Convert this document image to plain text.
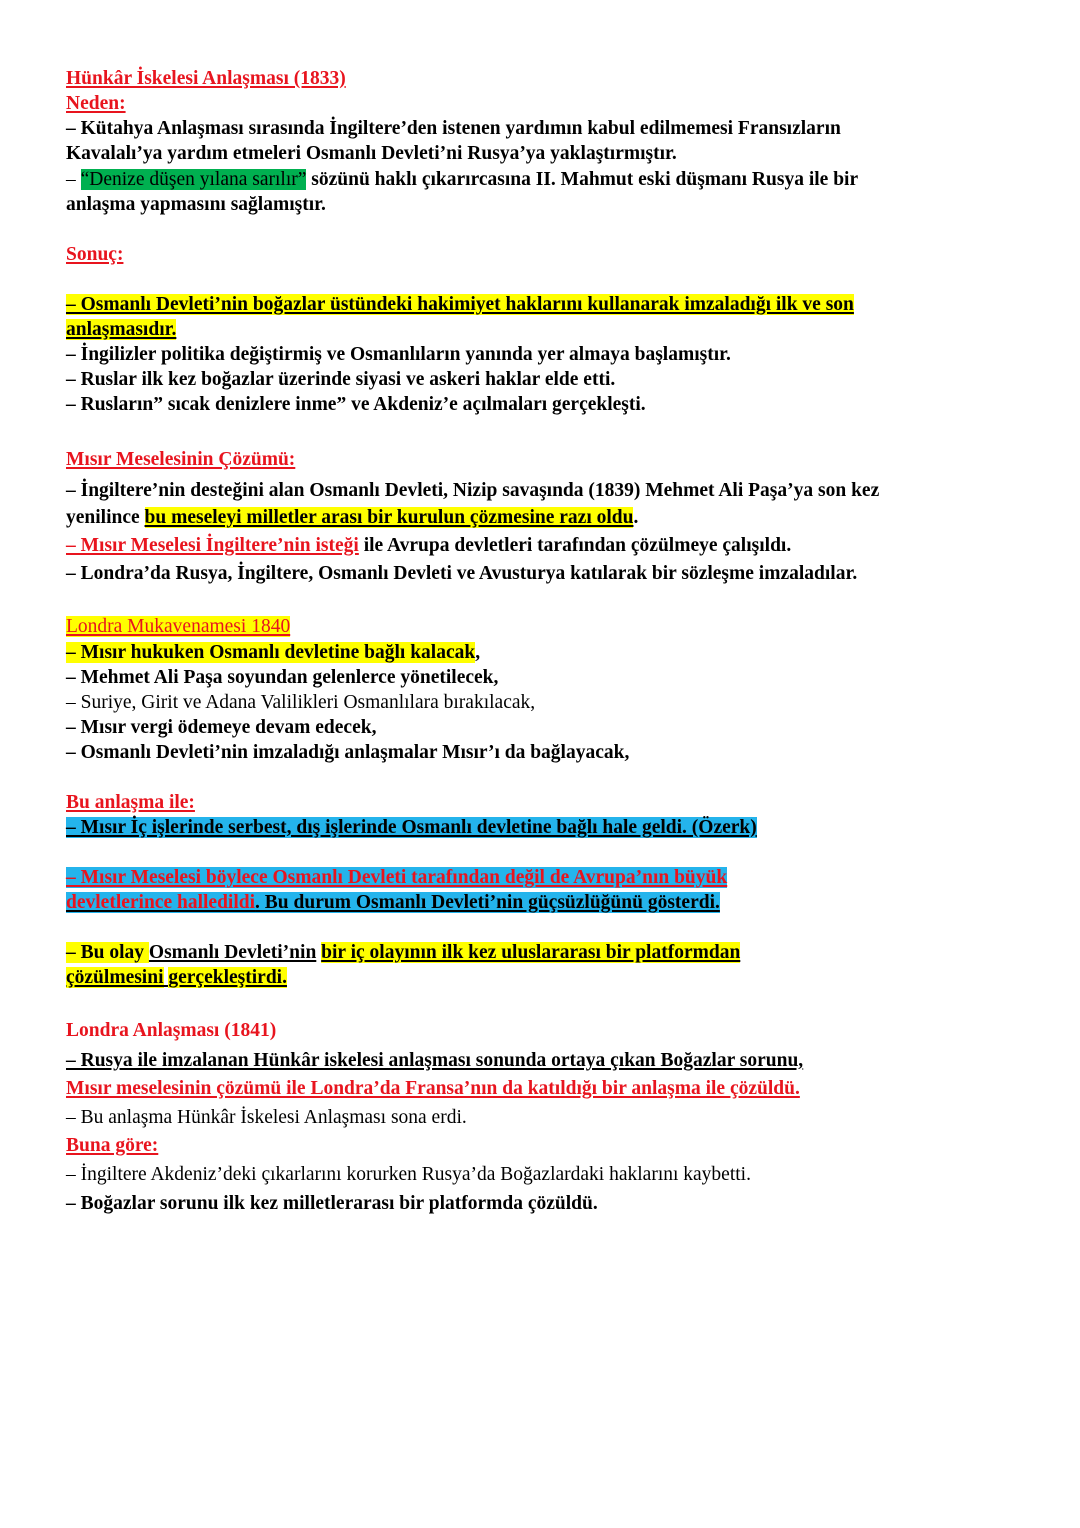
Hünkâr İskelesi Anlaşması (1833)
Neden:
– Kütahya Anlaşması sırasında İngiltere’den istenen yardımın kabul edilmemesi Fransızların
Kavalalı’ya yardım etmeleri Osmanlı Devleti’ni Rusya’ya yaklaştırmıştır.
– “Denize düşen yılana sarılır” sözünü haklı çıkarırcasına II. Mahmut eski düşmanı Rusya ile bir
anlaşma yapmasını sağlamıştır.
Sonuç:
– Osmanlı Devleti’nin boğazlar üstündeki hakimiyet haklarını kullanarak imzaladığı ilk ve son
anlaşmasıdır.
– İngilizler politika değiştirmiş ve Osmanlıların yanında yer almaya başlamıştır.
– Ruslar ilk kez boğazlar üzerinde siyasi ve askeri haklar elde etti.
– Rusların” sıcak denizlere inme” ve Akdeniz’e açılmaları gerçekleşti.
Mısır Meselesinin Çözümü:
– İngiltere’nin desteğini alan Osmanlı Devleti, Nizip savaşında (1839) Mehmet Ali Paşa’ya son kez
yenilince bu meseleyi milletler arası bir kurulun çözmesine razı oldu.
– Mısır Meselesi İngiltere’nin isteği ile Avrupa devletleri tarafından çözülmeye çalışıldı.
– Londra’da Rusya, İngiltere, Osmanlı Devleti ve Avusturya katılarak bir sözleşme imzaladılar.
Londra Mukavenamesi 1840
– Mısır hukuken Osmanlı devletine bağlı kalacak,
– Mehmet Ali Paşa soyundan gelenlerce yönetilecek,
– Suriye, Girit ve Adana Valilikleri Osmanlılara bırakılacak,
– Mısır vergi ödemeye devam edecek,
– Osmanlı Devleti’nin imzaladığı anlaşmalar Mısır’ı da bağlayacak,
Bu anlaşma ile:
– Mısır İç işlerinde serbest, dış işlerinde Osmanlı devletine bağlı hale geldi. (Özerk)
– Mısır Meselesi böylece Osmanlı Devleti tarafından değil de Avrupa’nın büyük
devletlerince halledildi. Bu durum Osmanlı Devleti’nin güçsüzlüğünü gösterdi.
– Bu olay Osmanlı Devleti’nin bir iç olayının ilk kez uluslararası bir platformdan
çözülmesini gerçekleştirdi.
Londra Anlaşması (1841)
– Rusya ile imzalanan Hünkâr iskelesi anlaşması sonunda ortaya çıkan Boğazlar sorunu,
Mısır meselesinin çözümü ile Londra’da Fransa’nın da katıldığı bir anlaşma ile çözüldü.
– Bu anlaşma Hünkâr İskelesi Anlaşması sona erdi.
Buna göre:
– İngiltere Akdeniz’deki çıkarlarını korurken Rusya’da Boğazlardaki haklarını kaybetti.
– Boğazlar sorunu ilk kez milletlerarası bir platformda çözüldü.
